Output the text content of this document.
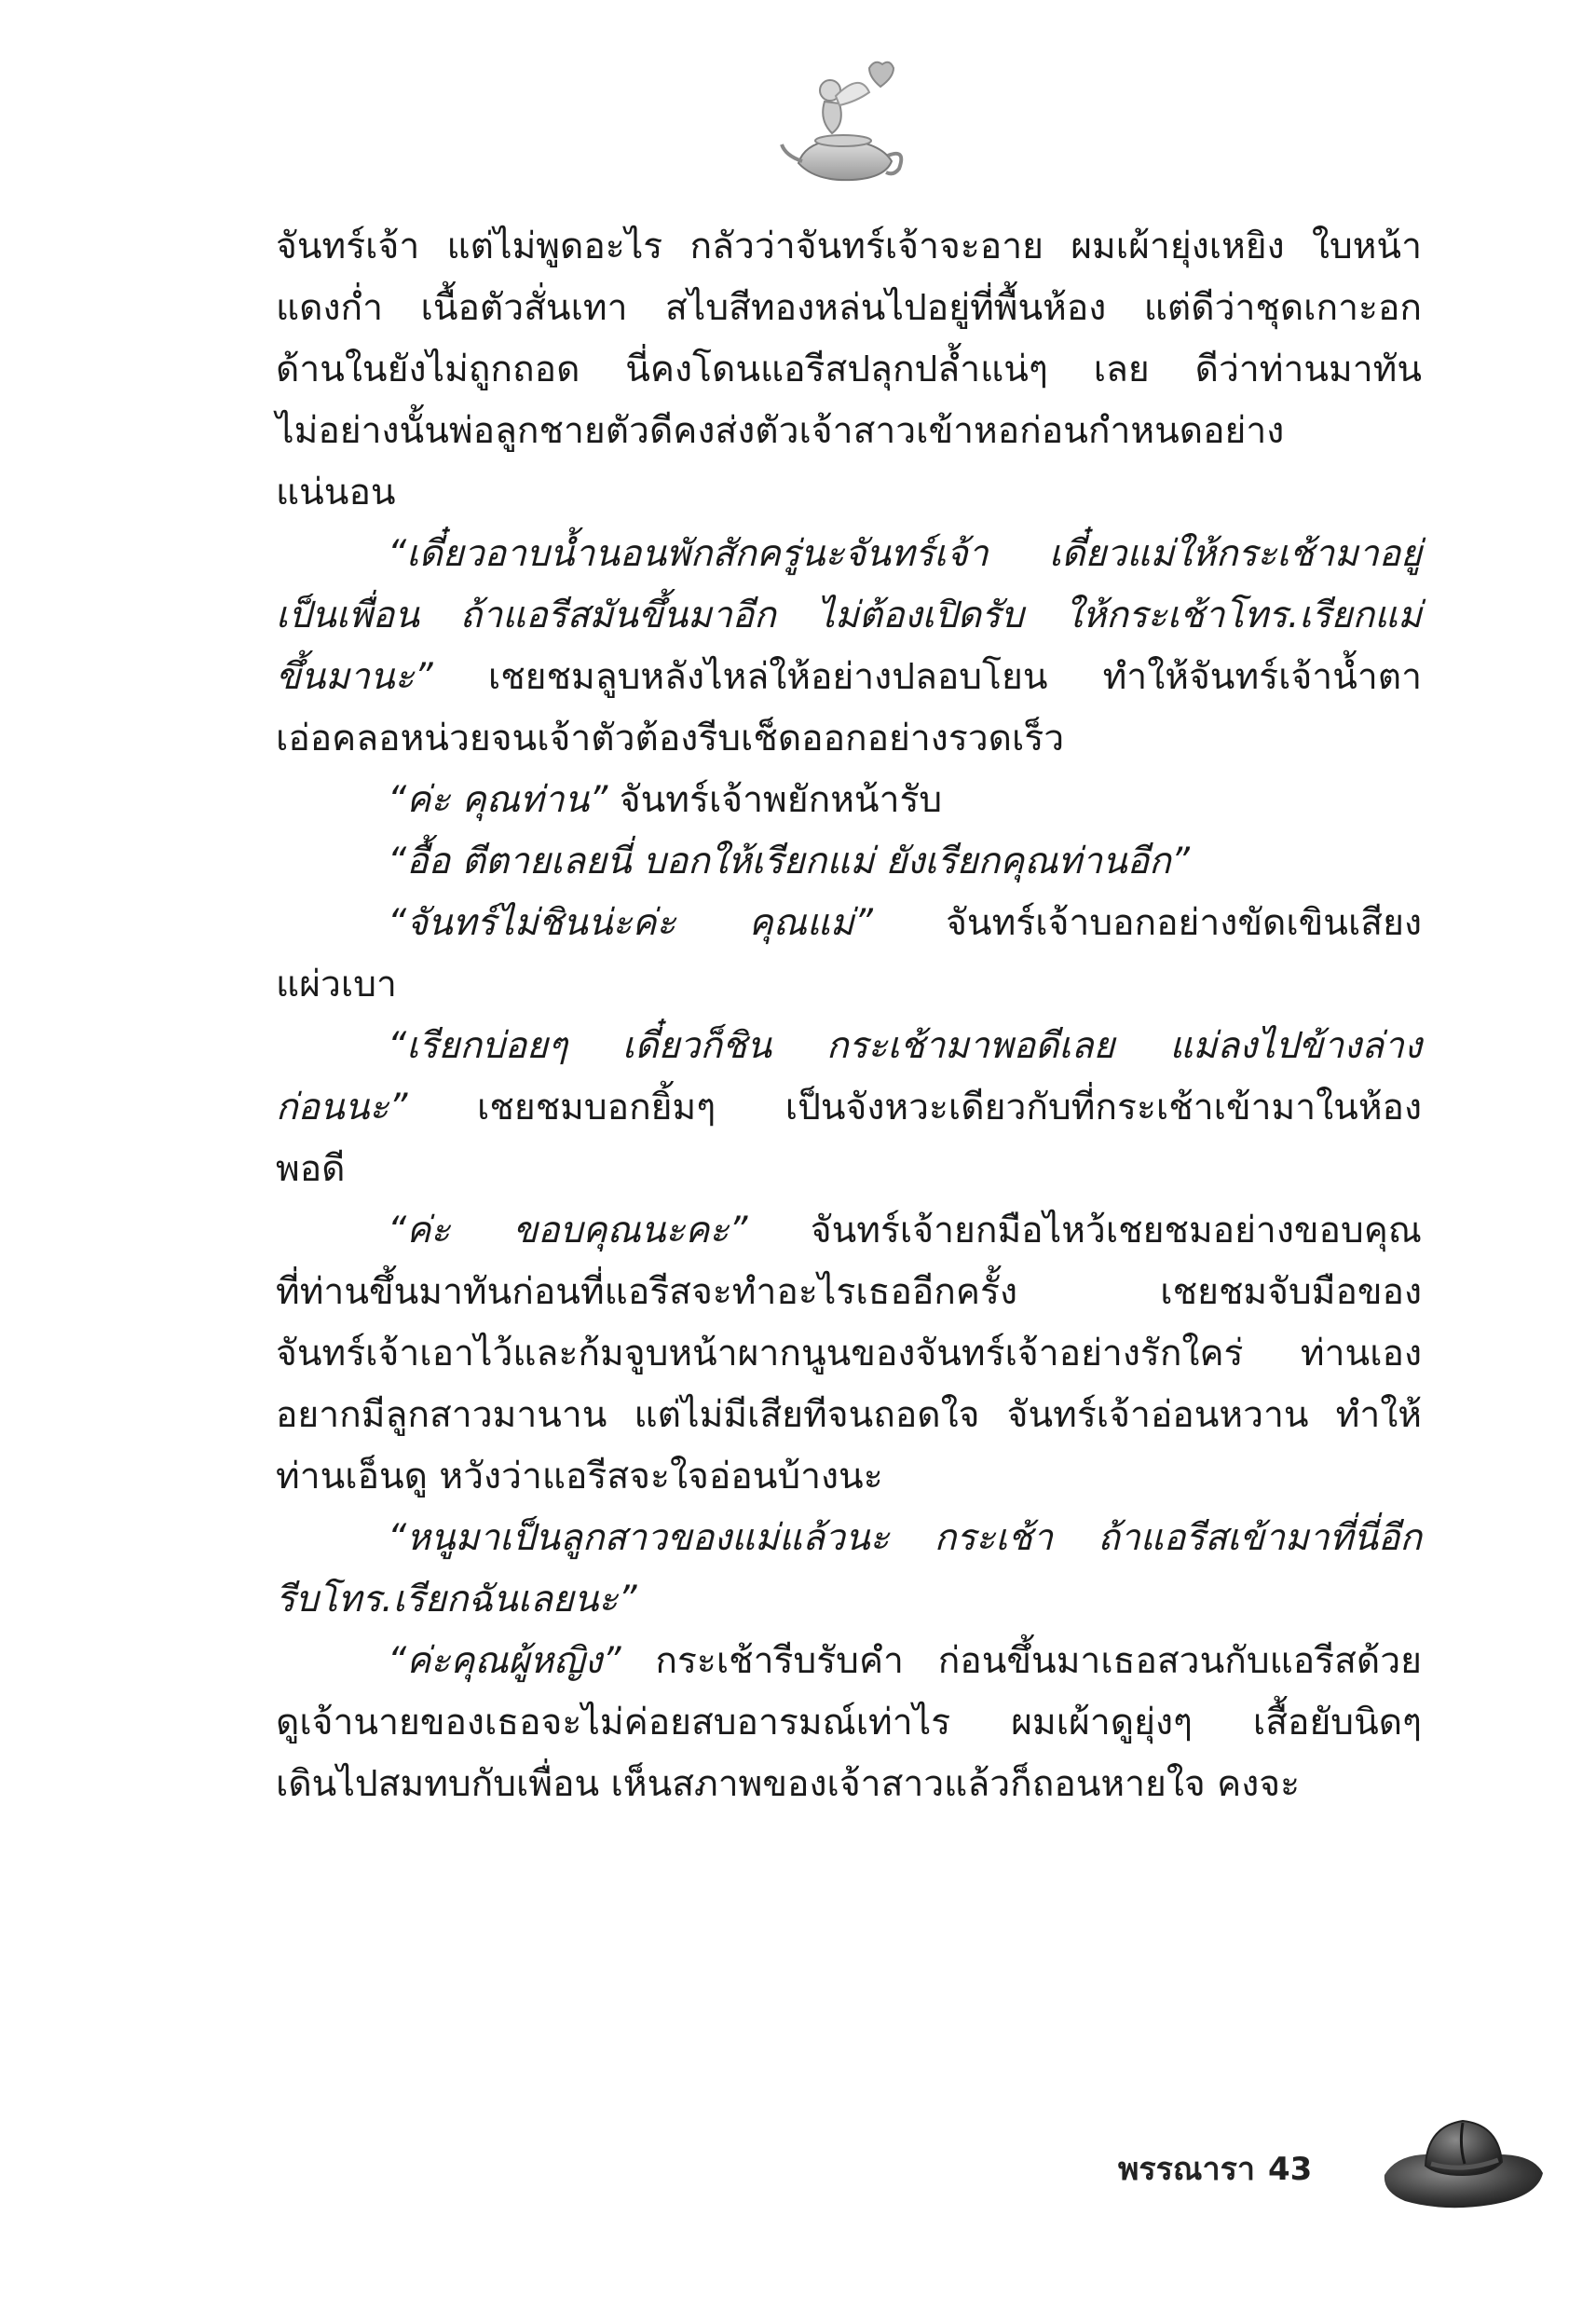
จันทร์เจ้า แต่ไม่พูดอะไร กลัวว่าจันทร์เจ้าจะอาย ผมเผ้ายุ่งเหยิง ใบหน้า
แดงก่ำ เนื้อตัวสั่นเทา สไบสีทองหล่นไปอยู่ที่พื้นห้อง แต่ดีว่าชุดเกาะอก
ด้านในยังไม่ถูกถอด นี่คงโดนแอรีสปลุกปล้ำแน่ๆ เลย ดีว่าท่านมาทัน
ไม่อย่างนั้นพ่อลูกชายตัวดีคงส่งตัวเจ้าสาวเข้าหอก่อนกำหนดอย่าง
แน่นอน

“เดี๋ยวอาบน้ำนอนพักสักครู่นะจันทร์เจ้า เดี๋ยวแม่ให้กระเช้ามาอยู่
เป็นเพื่อน ถ้าแอรีสมันขึ้นมาอีก ไม่ต้องเปิดรับ ให้กระเช้าโทร.เรียกแม่
ขึ้นมานะ” เชยชมลูบหลังไหล่ให้อย่างปลอบโยน ทำให้จันทร์เจ้าน้ำตา
เอ่อคลอหน่วยจนเจ้าตัวต้องรีบเช็ดออกอย่างรวดเร็ว

“ค่ะ คุณท่าน” จันทร์เจ้าพยักหน้ารับ

“อื้อ ตีตายเลยนี่ บอกให้เรียกแม่ ยังเรียกคุณท่านอีก”

“จันทร์ไม่ชินน่ะค่ะ คุณแม่” จันทร์เจ้าบอกอย่างขัดเขินเสียง
แผ่วเบา

“เรียกบ่อยๆ เดี๋ยวก็ชิน กระเช้ามาพอดีเลย แม่ลงไปข้างล่าง
ก่อนนะ” เชยชมบอกยิ้มๆ เป็นจังหวะเดียวกับที่กระเช้าเข้ามาในห้อง
พอดี

“ค่ะ ขอบคุณนะคะ” จันทร์เจ้ายกมือไหว้เชยชมอย่างขอบคุณ
ที่ท่านขึ้นมาทันก่อนที่แอรีสจะทำอะไรเธออีกครั้ง เชยชมจับมือของ
จันทร์เจ้าเอาไว้และก้มจูบหน้าผากนูนของจันทร์เจ้าอย่างรักใคร่ ท่านเอง
อยากมีลูกสาวมานาน แต่ไม่มีเสียทีจนถอดใจ จันทร์เจ้าอ่อนหวาน ทำให้
ท่านเอ็นดู หวังว่าแอรีสจะใจอ่อนบ้างนะ

“หนูมาเป็นลูกสาวของแม่แล้วนะ กระเช้า ถ้าแอรีสเข้ามาที่นี่อีก
รีบโทร.เรียกฉันเลยนะ”

“ค่ะคุณผู้หญิง” กระเช้ารีบรับคำ ก่อนขึ้นมาเธอสวนกับแอรีสด้วย
ดูเจ้านายของเธอจะไม่ค่อยสบอารมณ์เท่าไร ผมเผ้าดูยุ่งๆ เสื้อยับนิดๆ
เดินไปสมทบกับเพื่อน เห็นสภาพของเจ้าสาวแล้วก็ถอนหายใจ คงจะ

พรรณารา 43
